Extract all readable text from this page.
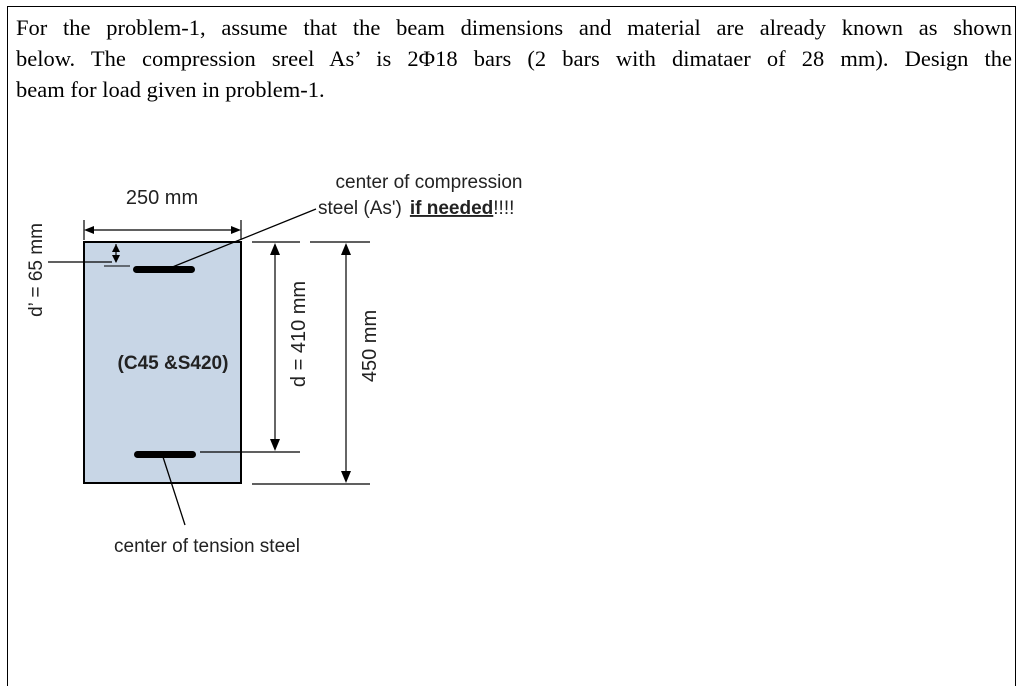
For the problem-1, assume that the beam dimensions and material are already known as shown
below. The compression sreel As’ is 2Φ18 bars (2 bars with dimataer of 28 mm). Design the
beam for load given in problem-1.
250 mm
d’ = 65 mm
center of compression
steel (As') if needed!!!!
center of tension steel
(C45 &S420)	d = 410 mm 450 mm
